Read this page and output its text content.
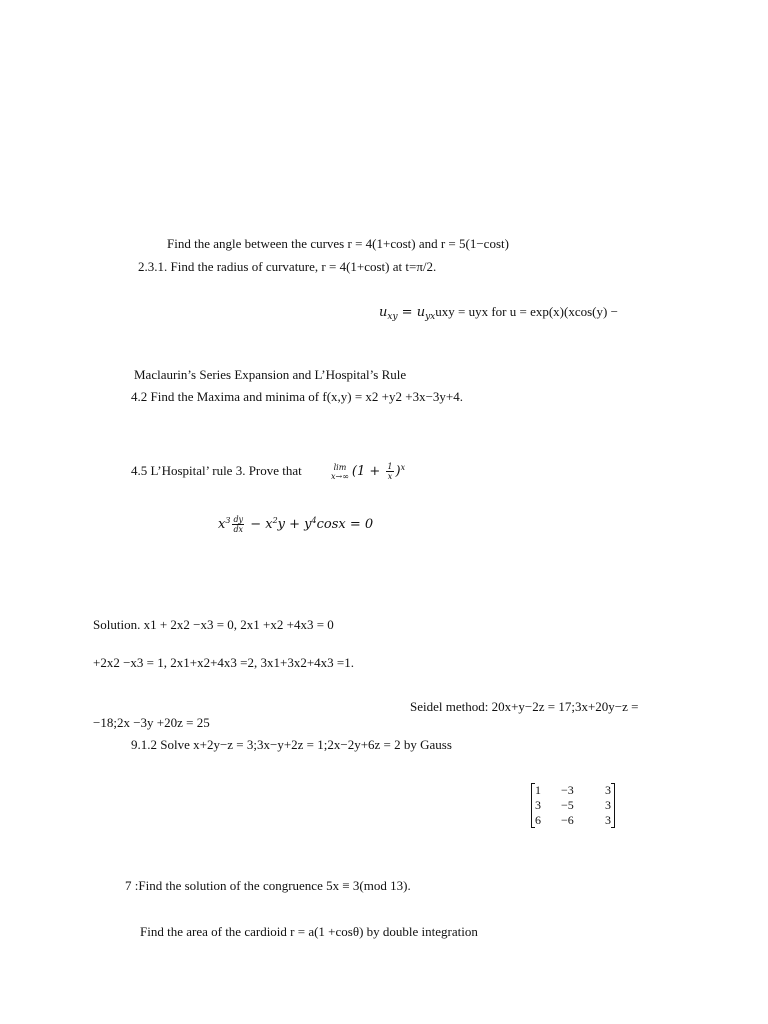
Find the angle between the curves r = 4(1+cost) and r = 5(1−cost)
2.3.1. Find the radius of curvature, r = 4(1+cost) at t=π/2.
$u_{xy} = u_{yx}uxy$ = uyx for u = exp(x)(xcos(y) −
Maclaurin’s Series Expansion and L’Hospital’s Rule
4.2 Find the Maxima and minima of f(x,y) = x2 +y2 +3x−3y+4.
4.5 L’Hospital’ rule 3. Prove that	lim
x→∞ $(1 + \frac{1}{x} )^x$
$x^3 \frac{dy}{dx} - x^2y + y^4\cos x = 0$
Solution. x1 + 2x2 −x3 = 0, 2x1 +x2 +4x3 = 0
+2x2 −x3 = 1, 2x1+x2+4x3 =2, 3x1+3x2+4x3 =1.
Seidel method: 20x+y−2z = 17;3x+20y−z =
−18;2x −3y +20z = 25
9.1.2 Solve x+2y−z = 3;3x−y+2z = 1;2x−2y+6z = 2 by Gauss
1	−3	3
3	−5	3
6	−6	3
7 :Find the solution of the congruence 5x ≡ 3(mod 13).
Find the area of the cardioid r = a(1 +cosθ) by double integration
